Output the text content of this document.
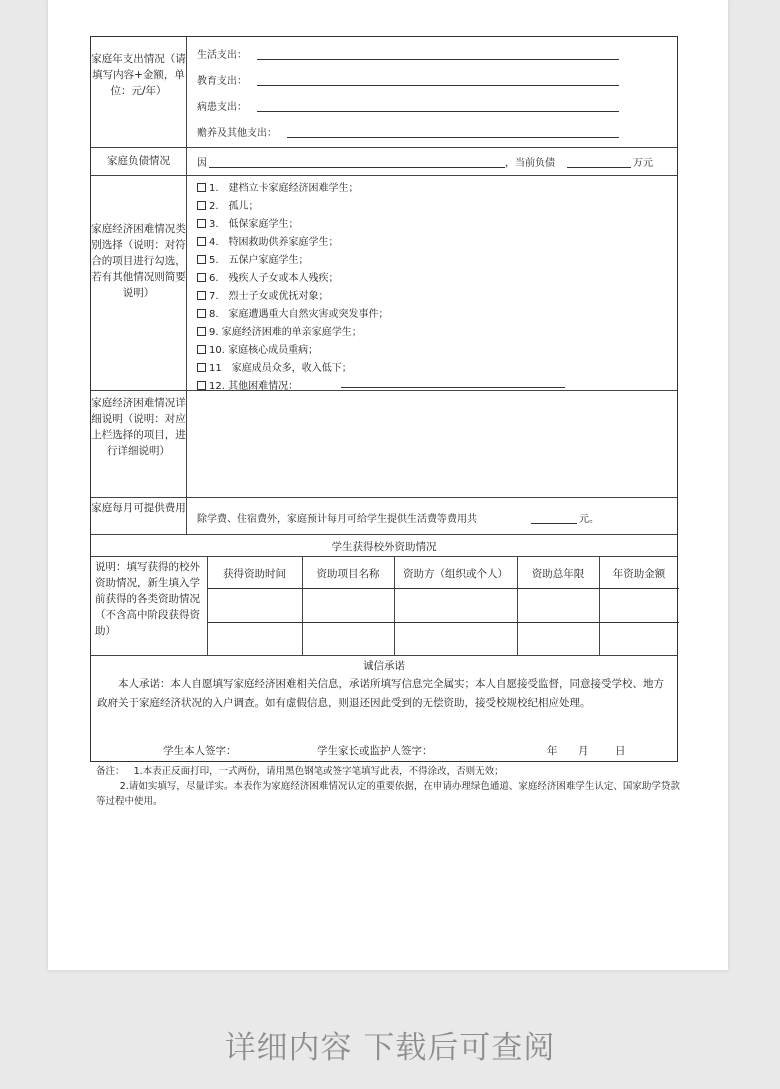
家庭年支出情况（请填写内容+金额，单位：元/年）
生活支出：
教育支出：
病患支出：
赡养及其他支出：
家庭负债情况	因	，当前负债	万元
家庭经济困难情况类别选择（说明：对符合的项目进行勾选，若有其他情况则简要说明）
1.　建档立卡家庭经济困难学生；
2.　孤儿；
3.　低保家庭学生；
4.　特困救助供养家庭学生；
5.　五保户家庭学生；
6.　残疾人子女或本人残疾；
7.　烈士子女或优抚对象；
8.　家庭遭遇重大自然灾害或突发事件；
9. 家庭经济困难的单亲家庭学生；
10. 家庭核心成员重病；
11　家庭成员众多，收入低下；
12. 其他困难情况：
家庭经济困难情况详细说明（说明：对应上栏选择的项目，进行详细说明）
家庭每月可提供费用
除学费、住宿费外，家庭预计每月可给学生提供生活费等费用共	元。
学生获得校外资助情况
说明：填写获得的校外资助情况，新生填入学前获得的各类资助情况（不含高中阶段获得资助）
获得资助时间	资助项目名称	资助方（组织或个人）	资助总年限	年资助金额
诚信承诺
本人承诺：本人自愿填写家庭经济困难相关信息，承诺所填写信息完全属实；本人自愿接受监督，同意接受学校、地方政府关于家庭经济状况的入户调查。如有虚假信息，则退还因此受到的无偿资助，接受校规校纪相应处理。
学生本人签字：	学生家长或监护人签字：	年 月	日
备注： 1.本表正反面打印，一式两份，请用黑色钢笔或签字笔填写此表，不得涂改，否则无效；
2.请如实填写，尽量详实。本表作为家庭经济困难情况认定的重要依据，在申请办理绿色通道、家庭经济困难学生认定、国家助学贷款等过程中使用。
详细内容 下载后可查阅
